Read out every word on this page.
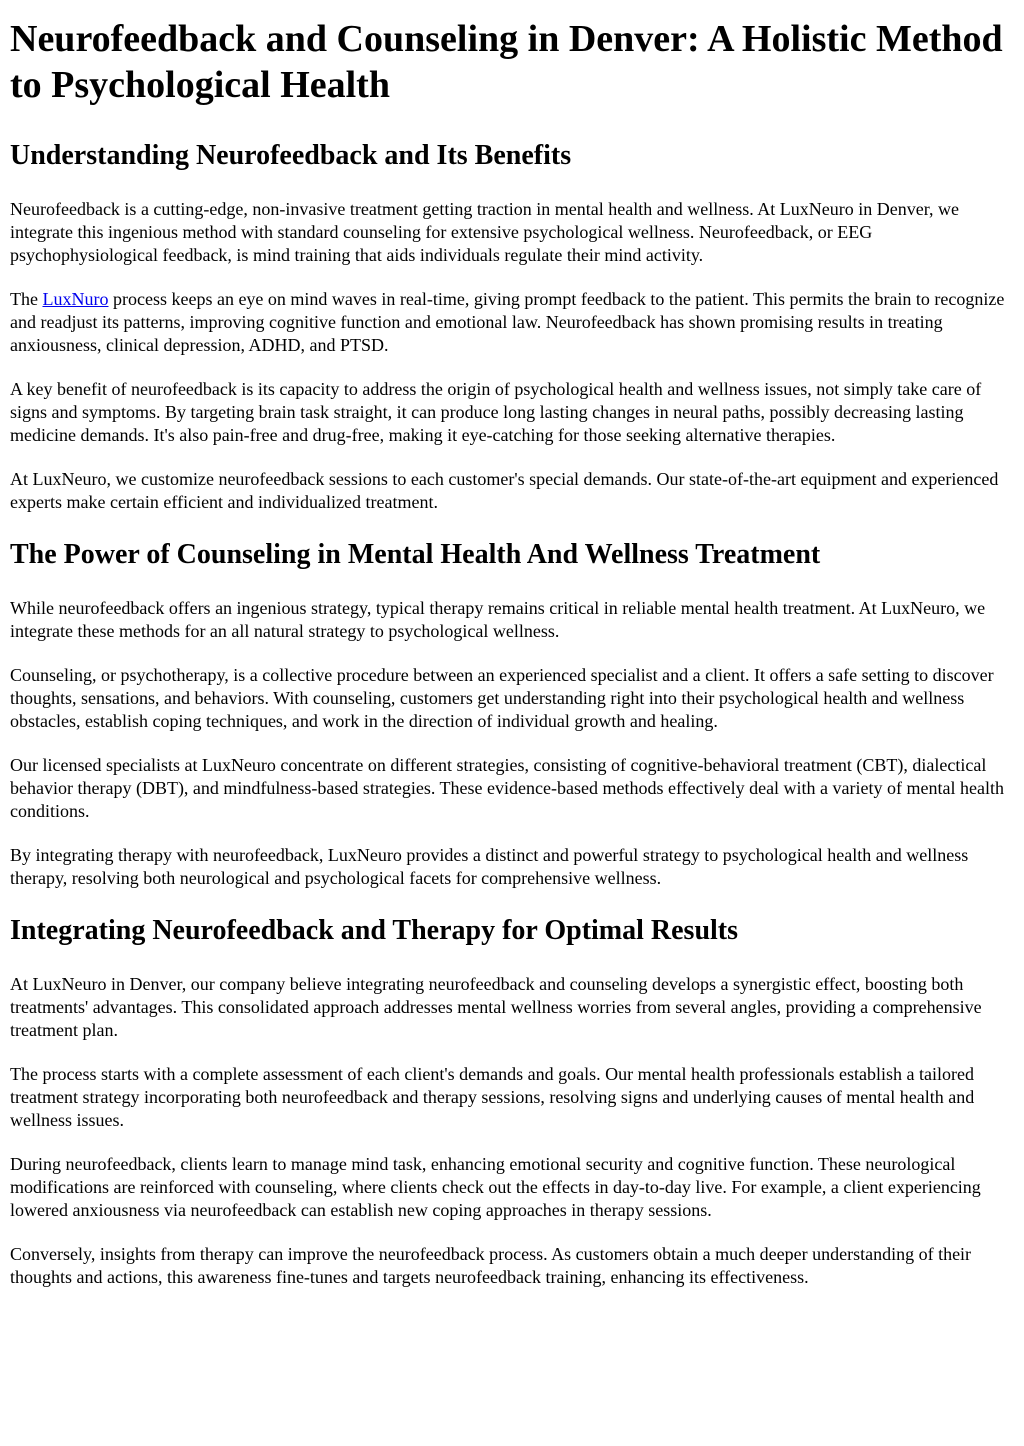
Neurofeedback and Counseling in Denver: A Holistic Method to Psychological Health
Understanding Neurofeedback and Its Benefits

Neurofeedback is a cutting-edge, non-invasive treatment getting traction in mental health and wellness. At LuxNeuro in Denver, we integrate this ingenious method with standard counseling for extensive psychological wellness. Neurofeedback, or EEG psychophysiological feedback, is mind training that aids individuals regulate their mind activity.

The LuxNuro process keeps an eye on mind waves in real-time, giving prompt feedback to the patient. This permits the brain to recognize and readjust its patterns, improving cognitive function and emotional law. Neurofeedback has shown promising results in treating anxiousness, clinical depression, ADHD, and PTSD.

A key benefit of neurofeedback is its capacity to address the origin of psychological health and wellness issues, not simply take care of signs and symptoms. By targeting brain task straight, it can produce long lasting changes in neural paths, possibly decreasing lasting medicine demands. It's also pain-free and drug-free, making it eye-catching for those seeking alternative therapies.

At LuxNeuro, we customize neurofeedback sessions to each customer's special demands. Our state-of-the-art equipment and experienced experts make certain efficient and individualized treatment.

The Power of Counseling in Mental Health And Wellness Treatment

While neurofeedback offers an ingenious strategy, typical therapy remains critical in reliable mental health treatment. At LuxNeuro, we integrate these methods for an all natural strategy to psychological wellness.

Counseling, or psychotherapy, is a collective procedure between an experienced specialist and a client. It offers a safe setting to discover thoughts, sensations, and behaviors. With counseling, customers get understanding right into their psychological health and wellness obstacles, establish coping techniques, and work in the direction of individual growth and healing.

Our licensed specialists at LuxNeuro concentrate on different strategies, consisting of cognitive-behavioral treatment (CBT), dialectical behavior therapy (DBT), and mindfulness-based strategies. These evidence-based methods effectively deal with a variety of mental health conditions.

By integrating therapy with neurofeedback, LuxNeuro provides a distinct and powerful strategy to psychological health and wellness therapy, resolving both neurological and psychological facets for comprehensive wellness.

Integrating Neurofeedback and Therapy for Optimal Results

At LuxNeuro in Denver, our company believe integrating neurofeedback and counseling develops a synergistic effect, boosting both treatments' advantages. This consolidated approach addresses mental wellness worries from several angles, providing a comprehensive treatment plan.

The process starts with a complete assessment of each client's demands and goals. Our mental health professionals establish a tailored treatment strategy incorporating both neurofeedback and therapy sessions, resolving signs and underlying causes of mental health and wellness issues.

During neurofeedback, clients learn to manage mind task, enhancing emotional security and cognitive function. These neurological modifications are reinforced with counseling, where clients check out the effects in day-to-day live. For example, a client experiencing lowered anxiousness via neurofeedback can establish new coping approaches in therapy sessions.

Conversely, insights from therapy can improve the neurofeedback process. As customers obtain a much deeper understanding of their thoughts and actions, this awareness fine-tunes and targets neurofeedback training, enhancing its effectiveness.
